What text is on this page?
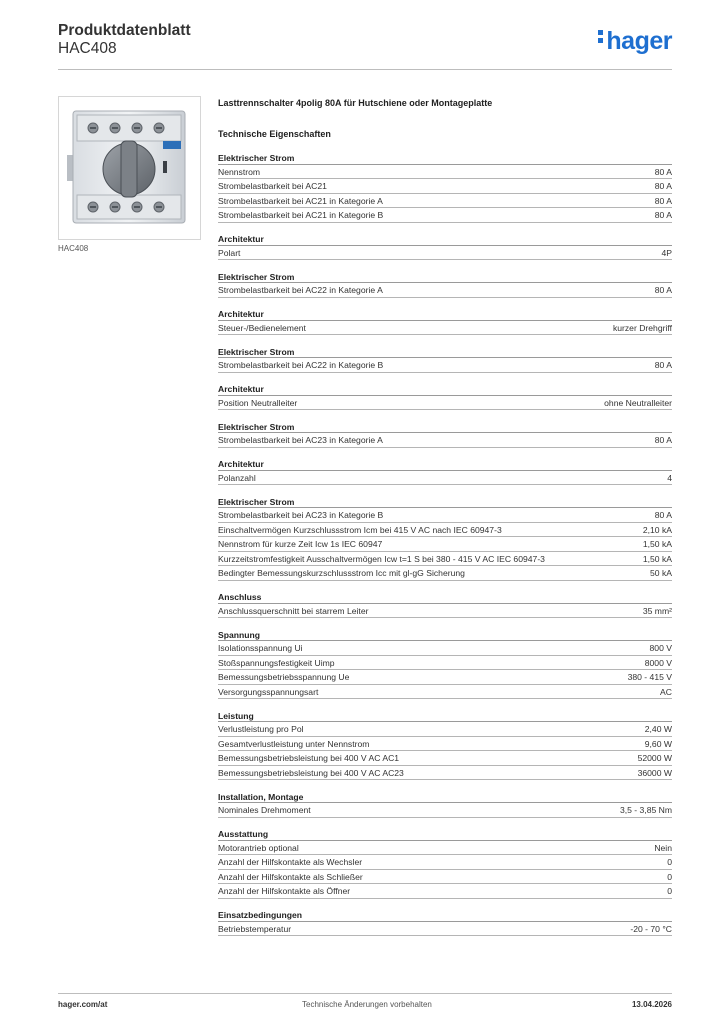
Produktdatenblatt
HAC408	hager
HAC408
Lasttrennschalter 4polig 80A für Hutschiene oder Montageplatte
Technische Eigenschaften
Elektrischer Strom
Nennstrom	80 A
Strombelastbarkeit bei AC21	80 A
Strombelastbarkeit bei AC21 in Kategorie A	80 A
Strombelastbarkeit bei AC21 in Kategorie B	80 A
Architektur
Polart	4P
Elektrischer Strom
Strombelastbarkeit bei AC22 in Kategorie A	80 A
Architektur
Steuer-/Bedienelement	kurzer Drehgriff
Elektrischer Strom
Strombelastbarkeit bei AC22 in Kategorie B	80 A
Architektur
Position Neutralleiter	ohne Neutralleiter
Elektrischer Strom
Strombelastbarkeit bei AC23 in Kategorie A	80 A
Architektur
Polanzahl	4
Elektrischer Strom
Strombelastbarkeit bei AC23 in Kategorie B	80 A
Einschaltvermögen Kurzschlussstrom Icm bei 415 V AC nach IEC 60947-3	2,10 kA
Nennstrom für kurze Zeit Icw 1s IEC 60947	1,50 kA
Kurzzeitstromfestigkeit Ausschaltvermögen Icw t=1 S bei 380 - 415 V AC IEC 60947-3	1,50 kA
Bedingter Bemessungskurzschlussstrom Icc mit gl-gG Sicherung	50 kA
Anschluss
Anschlussquerschnitt bei starrem Leiter	35 mm²
Spannung
Isolationsspannung Ui	800 V
Stoßspannungsfestigkeit Uimp	8000 V
Bemessungsbetriebsspannung Ue	380 - 415 V
Versorgungsspannungsart	AC
Leistung
Verlustleistung pro Pol	2,40 W
Gesamtverlustleistung unter Nennstrom	9,60 W
Bemessungsbetriebsleistung bei 400 V AC AC1	52000 W
Bemessungsbetriebsleistung bei 400 V AC AC23	36000 W
Installation, Montage
Nominales Drehmoment	3,5 - 3,85 Nm
Ausstattung
Motorantrieb optional	Nein
Anzahl der Hilfskontakte als Wechsler	0
Anzahl der Hilfskontakte als Schließer	0
Anzahl der Hilfskontakte als Öffner	0
Einsatzbedingungen
Betriebstemperatur	-20 - 70 °C
hager.com/at	Technische Änderungen vorbehalten	13.04.2026
